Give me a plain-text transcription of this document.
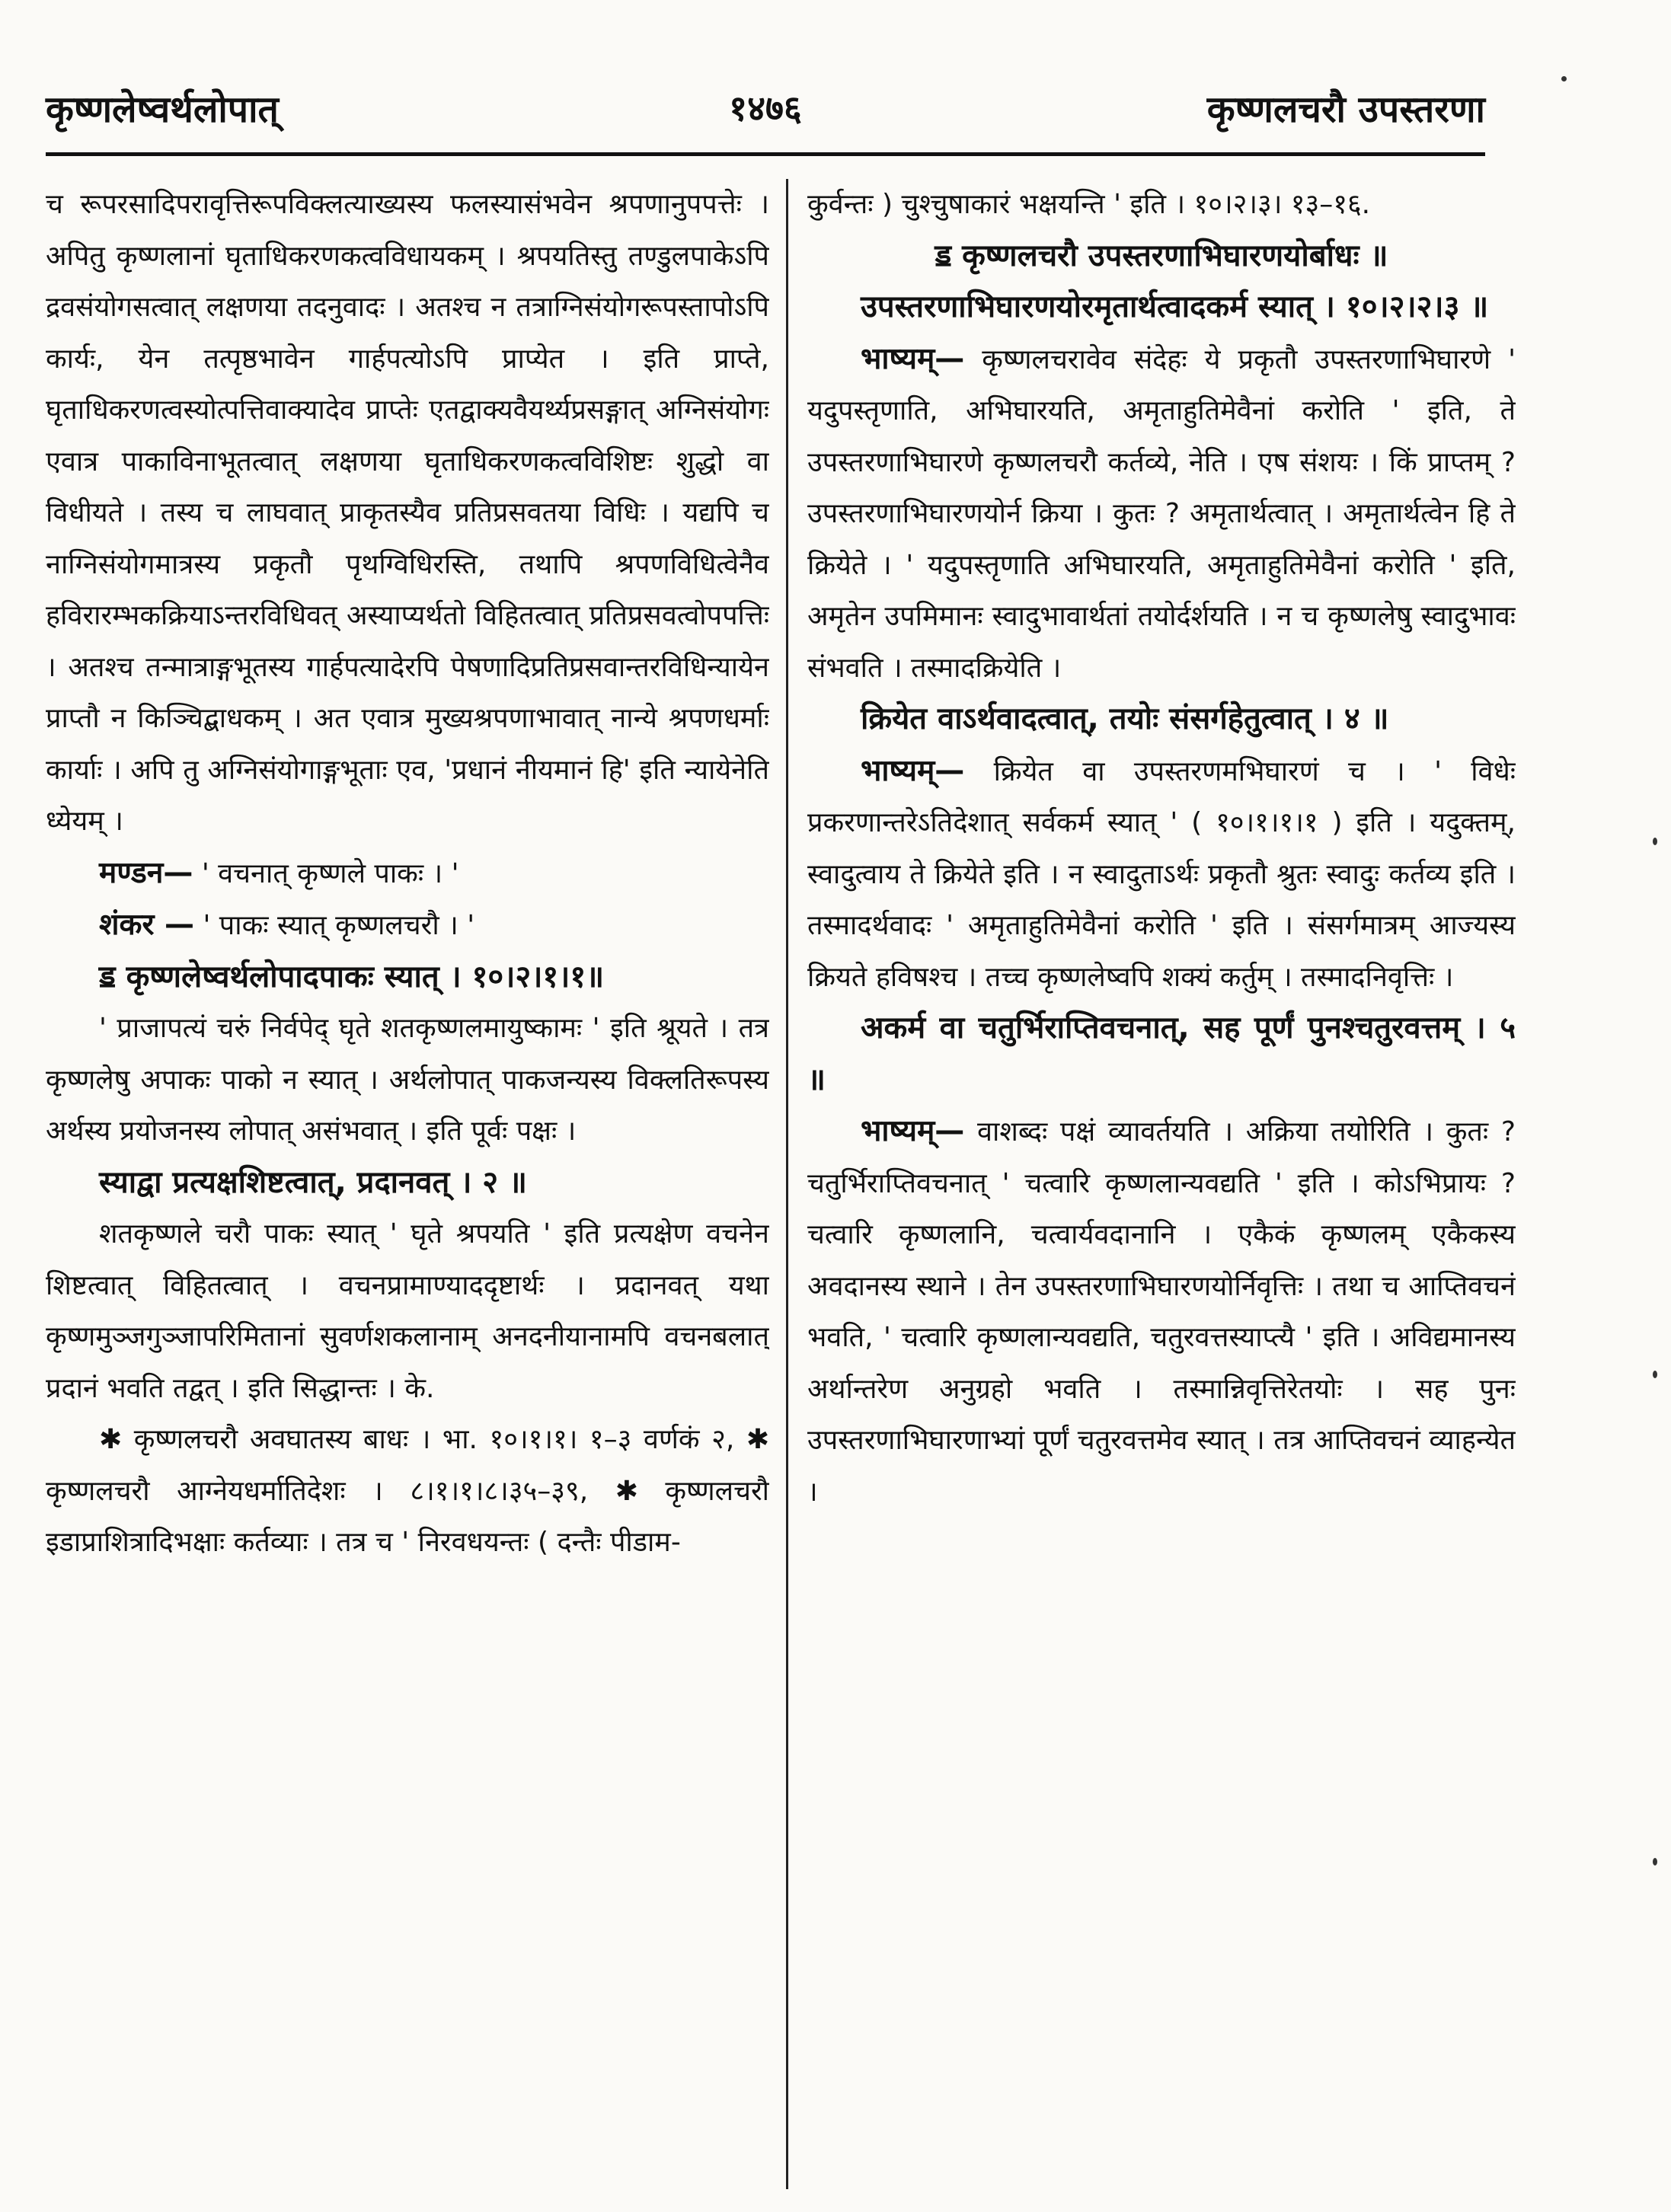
कृष्णलेष्वर्थलोपात्	१४७६	कृष्णलचरौ उपस्तरणा

च रूपरसादिपरावृत्तिरूपविक्लत्याख्यस्य फलस्यासंभवेन श्रपणानुपपत्तेः । अपितु कृष्णलानां घृताधिकरणकत्वविधायकम् । श्रपयतिस्तु तण्डुलपाकेऽपि द्रवसंयोगसत्वात् लक्षणया तदनुवादः । अतश्च न तत्राग्निसंयोगरूपस्तापोऽपि कार्यः, येन तत्पृष्ठभावेन गार्हपत्योऽपि प्राप्येत । इति प्राप्ते, घृताधिकरणत्वस्योत्पत्तिवाक्यादेव प्राप्तेः एतद्वाक्यवैयर्थ्यप्रसङ्गात् अग्निसंयोगः एवात्र पाकाविनाभूतत्वात् लक्षणया घृताधिकरणकत्वविशिष्टः शुद्धो वा विधीयते । तस्य च लाघवात् प्राकृतस्यैव प्रतिप्रसवतया विधिः । यद्यपि च नाग्निसंयोगमात्रस्य प्रकृतौ पृथग्विधिरस्ति, तथापि श्रपणविधित्वेनैव हविरारम्भकक्रियाऽन्तरविधिवत् अस्याप्यर्थतो विहितत्वात् प्रतिप्रसवत्वोपपत्तिः । अतश्च तन्मात्राङ्गभूतस्य गार्हपत्यादेरपि पेषणादिप्रतिप्रसवान्तरविधिन्यायेन प्राप्तौ न किञ्चिद्बाधकम् । अत एवात्र मुख्यश्रपणाभावात् नान्ये श्रपणधर्माः कार्याः । अपि तु अग्निसंयोगाङ्गभूताः एव, 'प्रधानं नीयमानं हि' इति न्यायेनेति ध्येयम् ।

मण्डन— ' वचनात् कृष्णले पाकः । '

शंकर — ' पाकः स्यात् कृष्णलचरौ । '

ॾ कृष्णलेष्वर्थलोपादपाकः स्यात् । १०।२।१।१॥

' प्राजापत्यं चरुं निर्वपेद् घृते शतकृष्णलमायुष्कामः ' इति श्रूयते । तत्र कृष्णलेषु अपाकः पाको न स्यात् । अर्थलोपात् पाकजन्यस्य विक्लतिरूपस्य अर्थस्य प्रयोजनस्य लोपात् असंभवात् । इति पूर्वः पक्षः ।

स्याद्वा प्रत्यक्षशिष्टत्वात्, प्रदानवत् । २ ॥

शतकृष्णले चरौ पाकः स्यात् ' घृते श्रपयति ' इति प्रत्यक्षेण वचनेन शिष्टत्वात् विहितत्वात् । वचनप्रामाण्याददृष्टार्थः । प्रदानवत् यथा कृष्णमुञ्जगुञ्जापरिमितानां सुवर्णशकलानाम् अनदनीयानामपि वचनबलात् प्रदानं भवति तद्वत् । इति सिद्धान्तः । के.

✱ कृष्णलचरौ अवघातस्य बाधः । भा. १०।१।१। १–३ वर्णकं २, ✱ कृष्णलचरौ आग्नेयधर्मातिदेशः । ८।१।१।८।३५–३९, ✱ कृष्णलचरौ इडाप्राशित्रादिभक्षाः कर्तव्याः । तत्र च ' निरवधयन्तः ( दन्तैः पीडाम-

कुर्वन्तः ) चुश्चुषाकारं भक्षयन्ति ' इति । १०।२।३। १३–१६.

ॾ कृष्णलचरौ उपस्तरणाभिघारणयोर्बाधः ॥

उपस्तरणाभिघारणयोरमृतार्थत्वादकर्म स्यात् । १०।२।२।३ ॥

भाष्यम्— कृष्णलचरावेव संदेहः ये प्रकृतौ उपस्तरणाभिघारणे ' यदुपस्तृणाति, अभिघारयति, अमृताहुतिमेवैनां करोति ' इति, ते उपस्तरणाभिघारणे कृष्णलचरौ कर्तव्ये, नेति । एष संशयः । किं प्राप्तम् ? उपस्तरणाभिघारणयोर्न क्रिया । कुतः ? अमृतार्थत्वात् । अमृतार्थत्वेन हि ते क्रियेते । ' यदुपस्तृणाति अभिघारयति, अमृताहुतिमेवैनां करोति ' इति, अमृतेन उपमिमानः स्वादुभावार्थतां तयोर्दर्शयति । न च कृष्णलेषु स्वादुभावः संभवति । तस्मादक्रियेति ।

क्रियेत वाऽर्थवादत्वात्, तयोः संसर्गहेतुत्वात् । ४ ॥

भाष्यम्— क्रियेत वा उपस्तरणमभिघारणं च । ' विधेः प्रकरणान्तरेऽतिदेशात् सर्वकर्म स्यात् ' ( १०।१।१।१ ) इति । यदुक्तम्, स्वादुत्वाय ते क्रियेते इति । न स्वादुताऽर्थः प्रकृतौ श्रुतः स्वादुः कर्तव्य इति । तस्मादर्थवादः ' अमृताहुतिमेवैनां करोति ' इति । संसर्गमात्रम् आज्यस्य क्रियते हविषश्च । तच्च कृष्णलेष्वपि शक्यं कर्तुम् । तस्मादनिवृत्तिः ।

अकर्म वा चतुर्भिराप्तिवचनात्, सह पूर्णं पुनश्चतुरवत्तम् । ५ ॥

भाष्यम्— वाशब्दः पक्षं व्यावर्तयति । अक्रिया तयोरिति । कुतः ? चतुर्भिराप्तिवचनात् ' चत्वारि कृष्णलान्यवद्यति ' इति । कोऽभिप्रायः ? चत्वारि कृष्णलानि, चत्वार्यवदानानि । एकैकं कृष्णलम् एकैकस्य अवदानस्य स्थाने । तेन उपस्तरणाभिघारणयोर्निवृत्तिः । तथा च आप्तिवचनं भवति, ' चत्वारि कृष्णलान्यवद्यति, चतुरवत्तस्याप्त्यै ' इति । अविद्यमानस्य अर्थान्तरेण अनुग्रहो भवति । तस्मान्निवृत्तिरेतयोः । सह पुनः उपस्तरणाभिघारणाभ्यां पूर्णं चतुरवत्तमेव स्यात् । तत्र आप्तिवचनं व्याहन्येत ।
